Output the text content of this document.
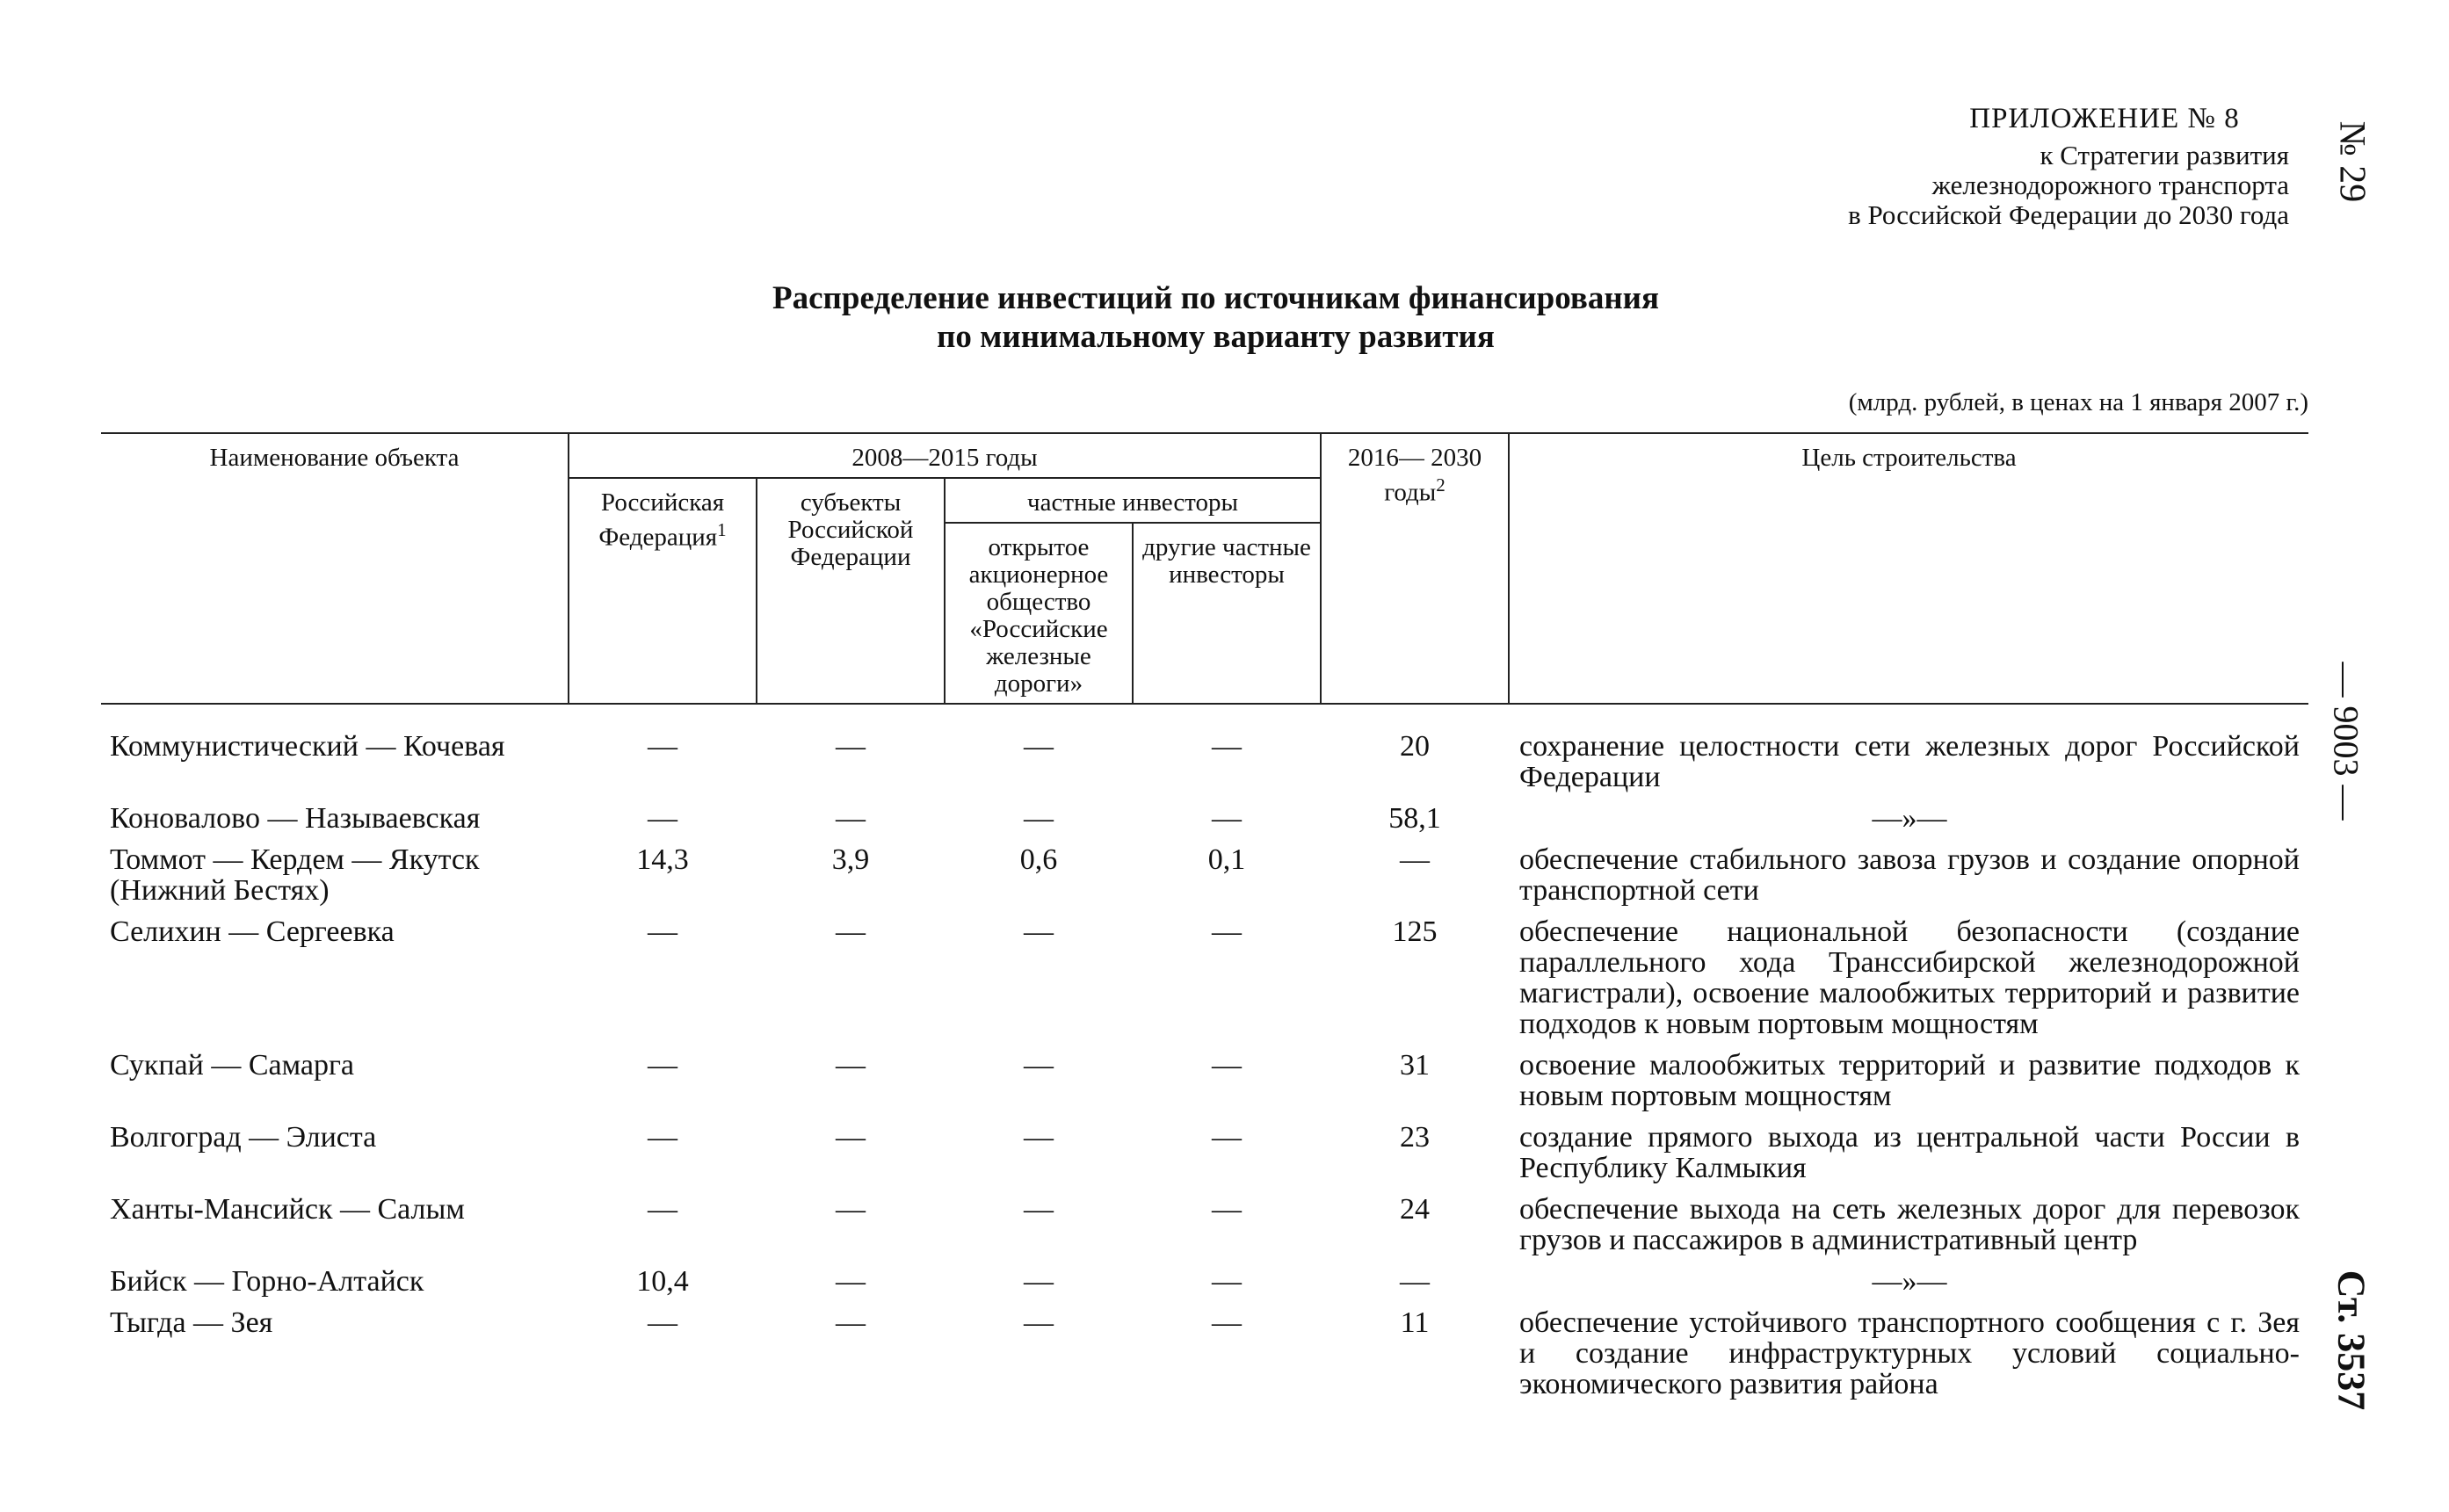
ПРИЛОЖЕНИЕ № 8
к Стратегии развития
железнодорожного транспорта
в Российской Федерации до 2030 года
Распределение инвестиций по источникам финансирования
по минимальному варианту развития
(млрд. рублей, в ценах на 1 января 2007 г.)
Наименование объекта	2008—2015 годы				2016— 2030 годы$^2$	Цель строительства
	Российская Федерация$^1$	субъекты Российской Федерации	частные инвесторы			
			открытое акционерное общество «Российские железные дороги»	другие частные инвесторы		

Коммунистический — Кочевая	—	—	—	—	20	сохранение целостности сети железных дорог Российской Федерации
Коновалово — Называевская	—	—	—	—	58,1	—»—
Томмот — Кердем — Якутск (Нижний Бестях)	14,3	3,9	0,6	0,1	—	обеспечение стабильного завоза грузов и создание опорной транспортной сети
Селихин — Сергеевка	—	—	—	—	125	обеспечение национальной безопасности (создание параллельного хода Транссибирской железнодорожной магистрали), освоение малообжитых территорий и развитие подходов к новым портовым мощностям
Сукпай — Самарга	—	—	—	—	31	освоение малообжитых территорий и развитие подходов к новым портовым мощностям
Волгоград — Элиста	—	—	—	—	23	создание прямого выхода из центральной части России в Республику Калмыкия
Ханты-Мансийск — Салым	—	—	—	—	24	обеспечение выхода на сеть железных дорог для перевозок грузов и пассажиров в административный центр
Бийск — Горно-Алтайск	10,4	—	—	—	—	—»—
Тыгда — Зея	—	—	—	—	11	обеспечение устойчивого транспортного сообщения с г. Зея и создание инфраструктурных условий социально-экономического развития района
№ 29
— 9003 —
Ст. 3537
